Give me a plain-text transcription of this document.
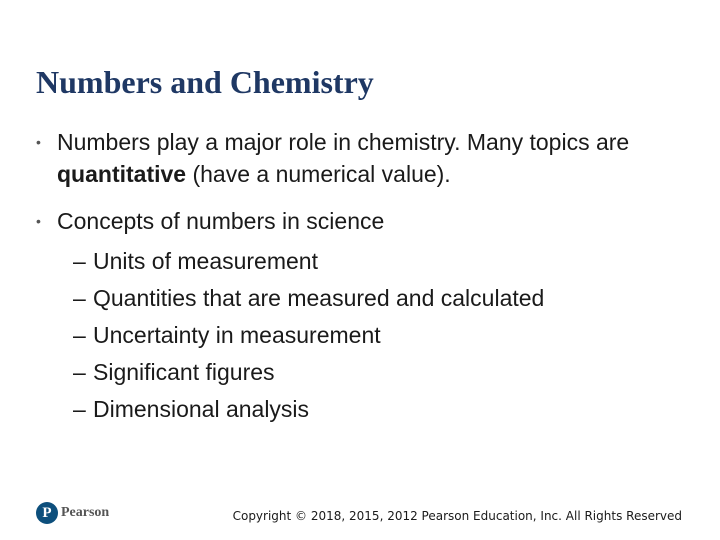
Numbers and Chemistry
• Numbers play a major role in chemistry. Many topics are quantitative (have a numerical value).
• Concepts of numbers in science
– Units of measurement
– Quantities that are measured and calculated
– Uncertainty in measurement
– Significant figures
– Dimensional analysis
P Pearson	Copyright © 2018, 2015, 2012 Pearson Education, Inc. All Rights Reserved
